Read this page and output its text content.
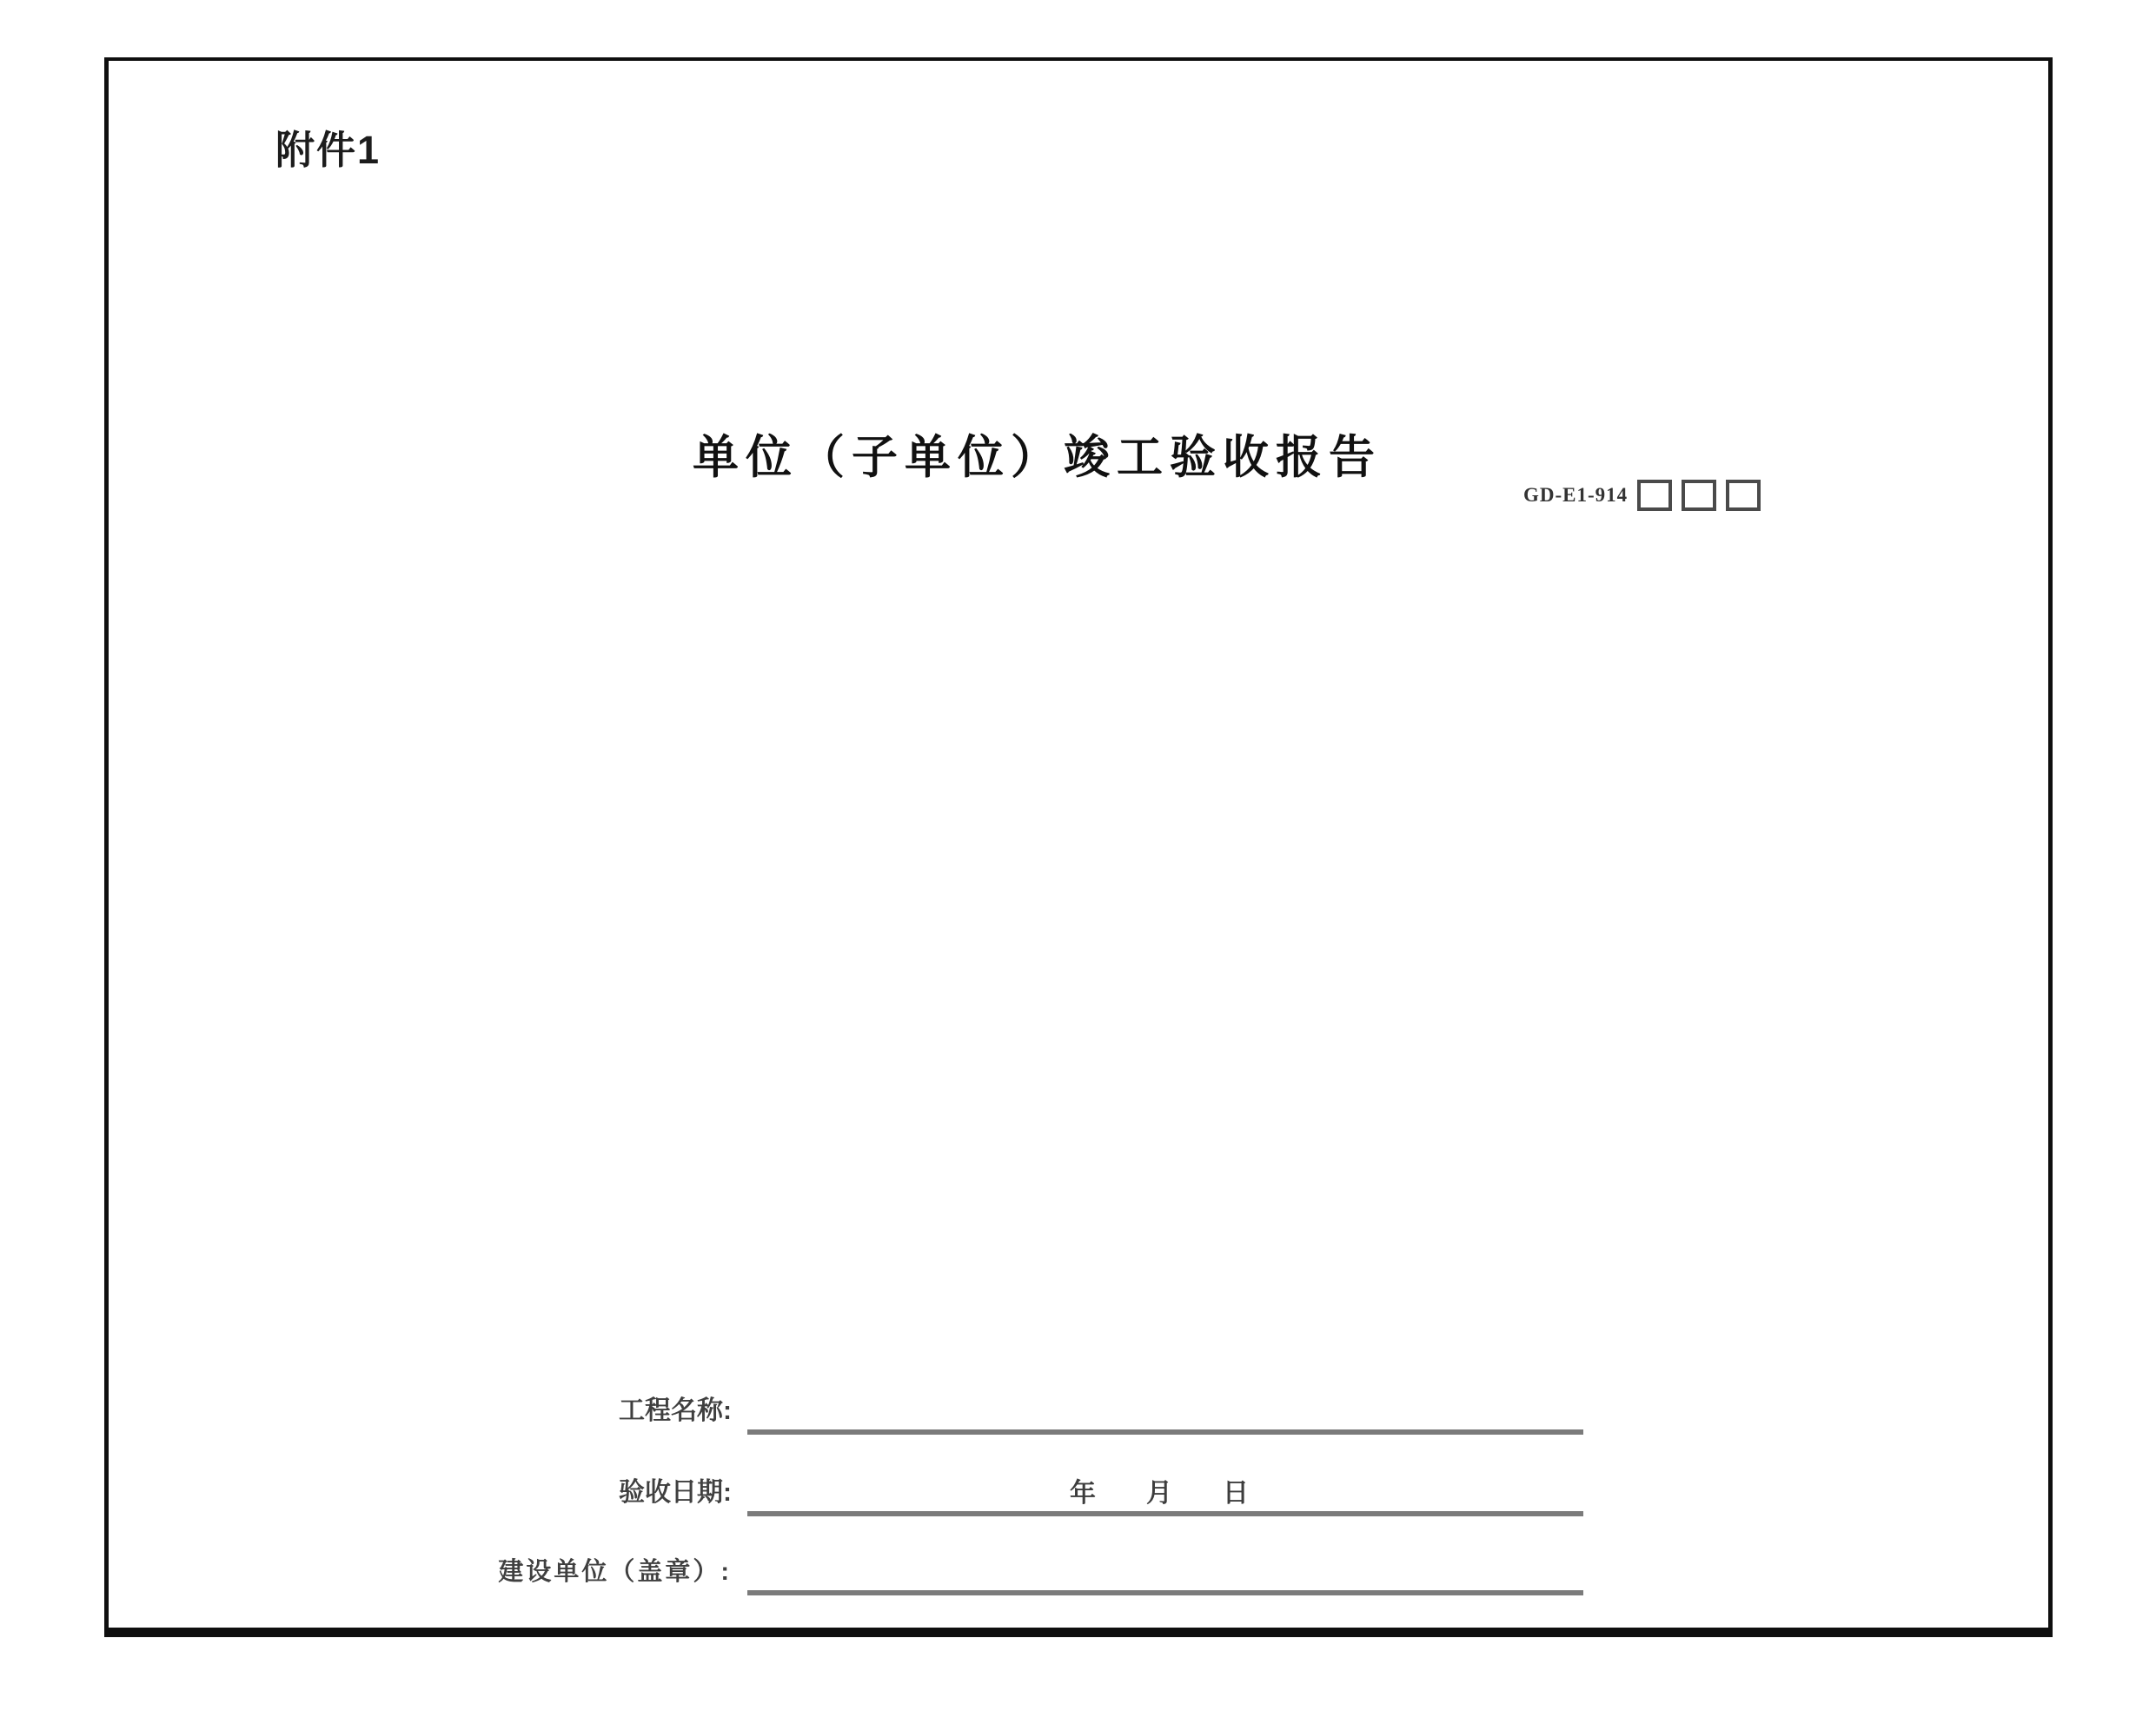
附件1
单位（子单位）竣工验收报告
GD-E1-914
工程名称:
验收日期:	年　月　日
建设单位（盖章）:
